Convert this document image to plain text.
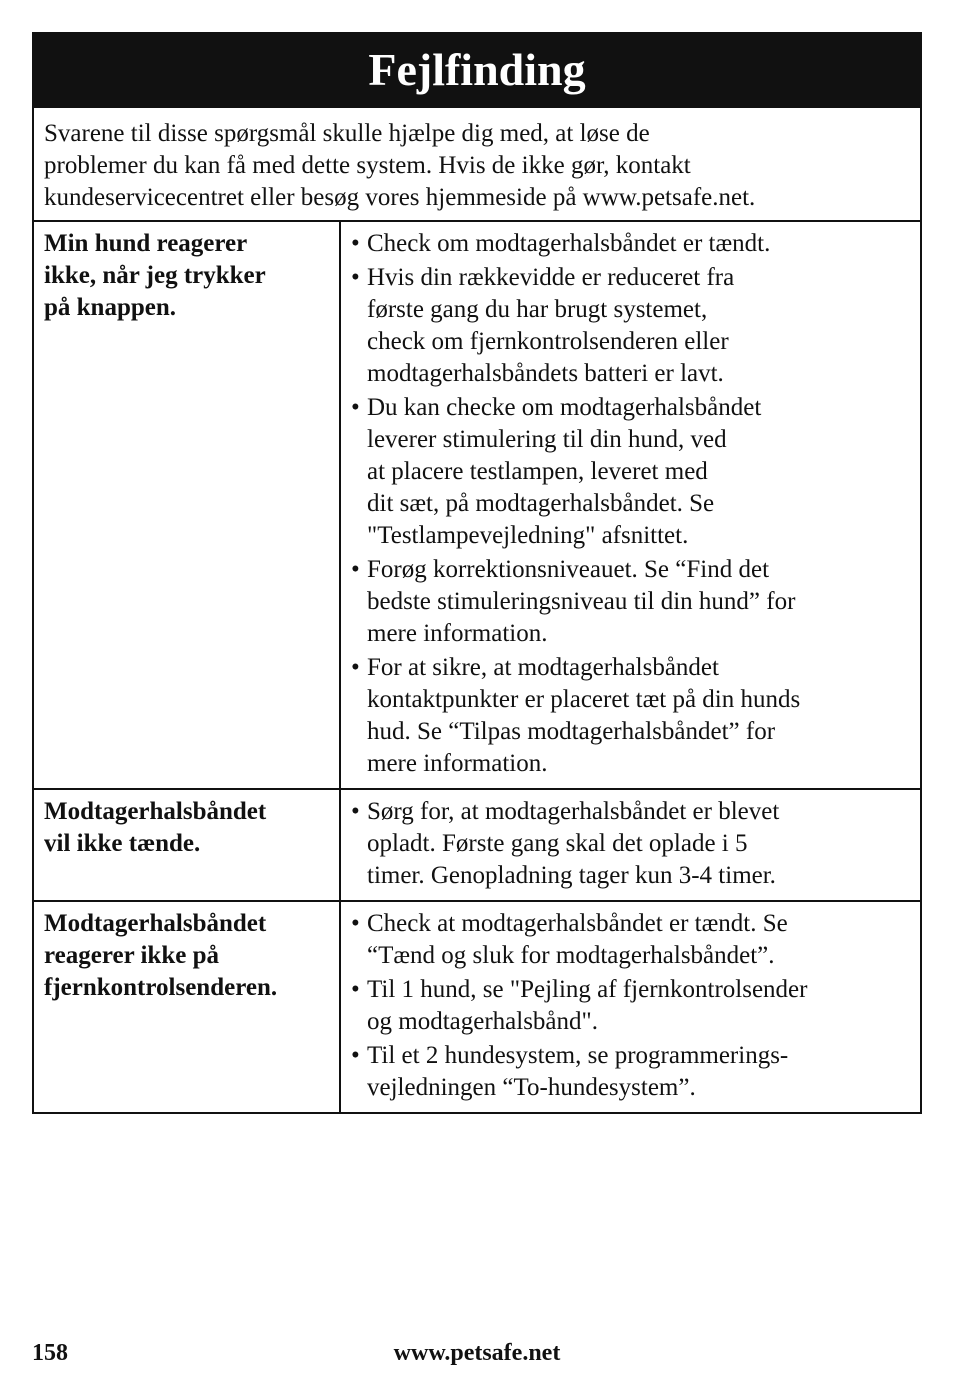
Fejlfinding
Svarene til disse spørgsmål skulle hjælpe dig med, at løse de
problemer du kan få med dette system. Hvis de ikke gør, kontakt
kundeservicecentret eller besøg vores hjemmeside på www.petsafe.net.
Min hund reagerer
ikke, når jeg trykker
på knappen.
• Check om modtagerhalsbåndet er tændt.
• Hvis din rækkevidde er reduceret fra
første gang du har brugt systemet,
check om fjernkontrolsenderen eller
modtagerhalsbåndets batteri er lavt.
• Du kan checke om modtagerhalsbåndet
leverer stimulering til din hund, ved
at placere testlampen, leveret med
dit sæt, på modtagerhalsbåndet. Se
"Testlampevejledning" afsnittet.
• Forøg korrektionsniveauet. Se “Find det
bedste stimuleringsniveau til din hund” for
mere information.
• For at sikre, at modtagerhalsbåndet
kontaktpunkter er placeret tæt på din hunds
hud. Se “Tilpas modtagerhalsbåndet” for
mere information.
Modtagerhalsbåndet
vil ikke tænde.
• Sørg for, at modtagerhalsbåndet er blevet
opladt. Første gang skal det oplade i 5
timer. Genopladning tager kun 3-4 timer.
Modtagerhalsbåndet
reagerer ikke på
fjernkontrolsenderen.
• Check at modtagerhalsbåndet er tændt. Se
“Tænd og sluk for modtagerhalsbåndet”.
• Til 1 hund, se "Pejling af fjernkontrolsender
og modtagerhalsbånd".
• Til et 2 hundesystem, se programmerings-
vejledningen “To-hundesystem”.
158	www.petsafe.net
